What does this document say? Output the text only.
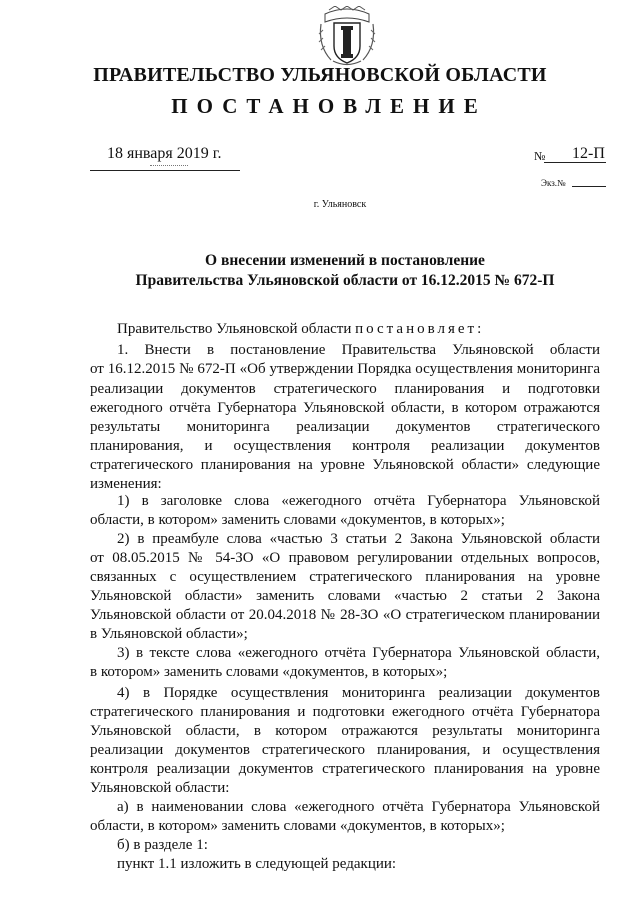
ПРАВИТЕЛЬСТВО УЛЬЯНОВСКОЙ ОБЛАСТИ
ПОСТАНОВЛЕНИЕ
18 января 2019 г.	№ 12-П
Экз.№
г. Ульяновск
О внесении изменений в постановление
Правительства Ульяновской области от 16.12.2015 № 672-П
Правительство Ульяновской области постановляет:
1. Внести в постановление Правительства Ульяновской области
от 16.12.2015 № 672-П «Об утверждении Порядка осуществления мониторинга
реализации документов стратегического планирования и подготовки
ежегодного отчёта Губернатора Ульяновской области, в котором отражаются
результаты мониторинга реализации документов стратегического
планирования, и осуществления контроля реализации документов
стратегического планирования на уровне Ульяновской области» следующие
изменения:
1) в заголовке слова «ежегодного отчёта Губернатора Ульяновской
области, в котором» заменить словами «документов, в которых»;
2) в преамбуле слова «частью 3 статьи 2 Закона Ульяновской области
от 08.05.2015 № 54-ЗО «О правовом регулировании отдельных вопросов,
связанных с осуществлением стратегического планирования на уровне
Ульяновской области» заменить словами «частью 2 статьи 2 Закона
Ульяновской области от 20.04.2018 № 28-ЗО «О стратегическом планировании
в Ульяновской области»;
3) в тексте слова «ежегодного отчёта Губернатора Ульяновской области,
в котором» заменить словами «документов, в которых»;
4) в Порядке осуществления мониторинга реализации документов
стратегического планирования и подготовки ежегодного отчёта Губернатора
Ульяновской области, в котором отражаются результаты мониторинга
реализации документов стратегического планирования, и осуществления
контроля реализации документов стратегического планирования на уровне
Ульяновской области:
а) в наименовании слова «ежегодного отчёта Губернатора Ульяновской
области, в котором» заменить словами «документов, в которых»;
б) в разделе 1:
пункт 1.1 изложить в следующей редакции:
